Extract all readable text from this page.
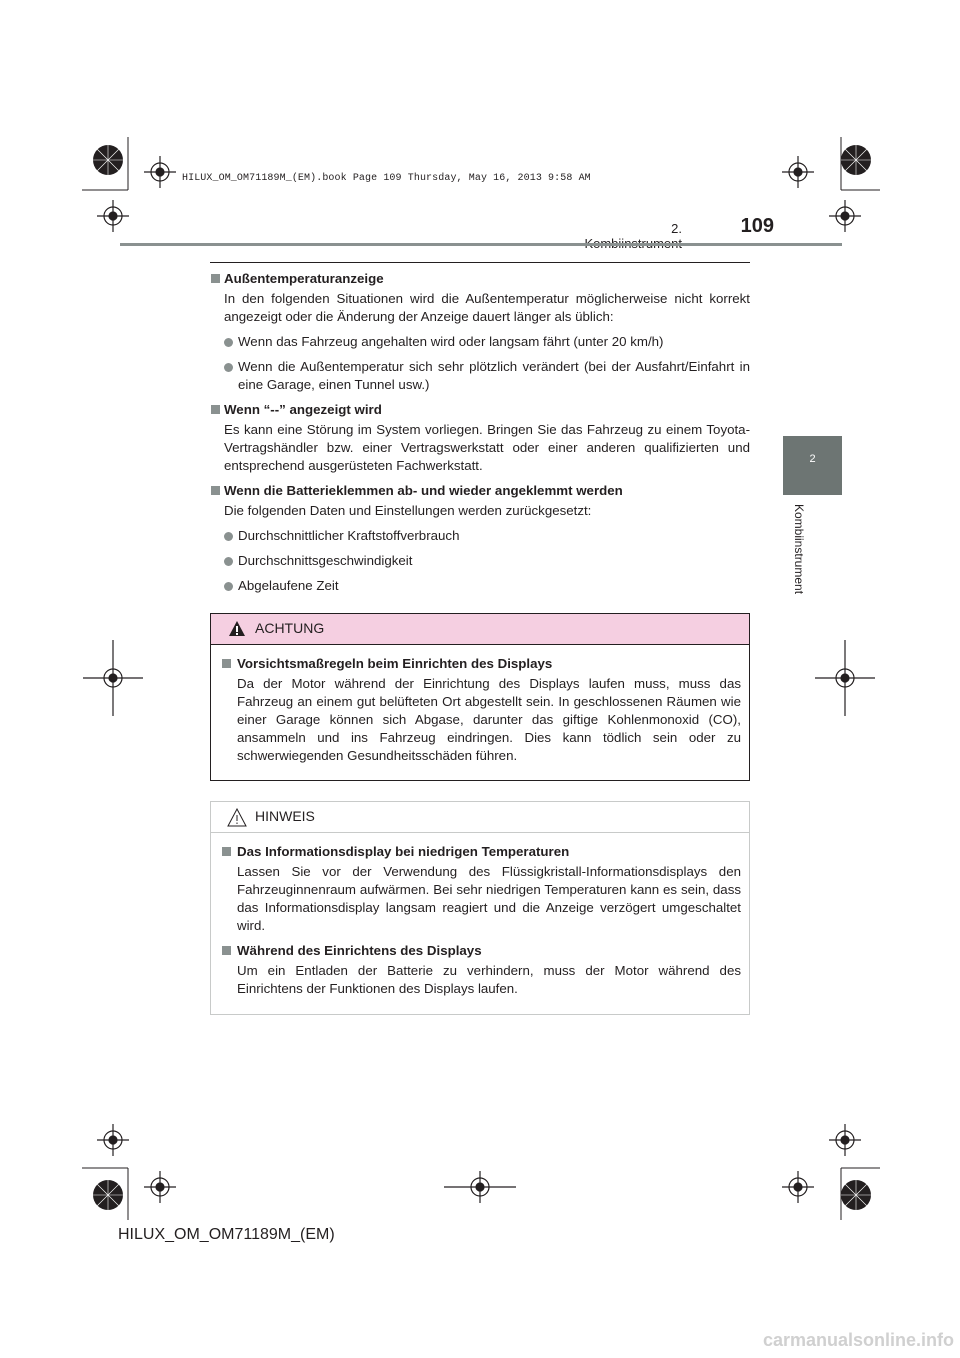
HILUX_OM_OM71189M_(EM).book Page 109 Thursday, May 16, 2013 9:58 AM
2.	109
2
Kombiinstrument
Außentemperaturanzeige
In den folgenden Situationen wird die Außentemperatur möglicherweise nicht korrekt angezeigt oder die Änderung der Anzeige dauert länger als üblich:
Wenn das Fahrzeug angehalten wird oder langsam fährt (unter 20 km/h)
Wenn die Außentemperatur sich sehr plötzlich verändert (bei der Ausfahrt/Einfahrt in eine Garage, einen Tunnel usw.)
Wenn “--” angezeigt wird
Es kann eine Störung im System vorliegen. Bringen Sie das Fahrzeug zu einem Toyota-Vertragshändler bzw. einer Vertragswerkstatt oder einer anderen qualifizierten und entsprechend ausgerüsteten Fachwerkstatt.
Wenn die Batterieklemmen ab- und wieder angeklemmt werden
Die folgenden Daten und Einstellungen werden zurückgesetzt:
Durchschnittlicher Kraftstoffverbrauch
Durchschnittsgeschwindigkeit
Abgelaufene Zeit
ACHTUNG
Vorsichtsmaßregeln beim Einrichten des Displays
Da der Motor während der Einrichtung des Displays laufen muss, muss das Fahrzeug an einem gut belüfteten Ort abgestellt sein. In geschlossenen Räumen wie einer Garage können sich Abgase, darunter das giftige Kohlenmonoxid (CO), ansammeln und ins Fahrzeug eindringen. Dies kann tödlich sein oder zu schwerwiegenden Gesundheitsschäden führen.
HINWEIS
Das Informationsdisplay bei niedrigen Temperaturen
Lassen Sie vor der Verwendung des Flüssigkristall-Informationsdisplays den Fahrzeuginnenraum aufwärmen. Bei sehr niedrigen Temperaturen kann es sein, dass das Informationsdisplay langsam reagiert und die Anzeige verzögert umgeschaltet wird.
Während des Einrichtens des Displays
Um ein Entladen der Batterie zu verhindern, muss der Motor während des Einrichtens der Funktionen des Displays laufen.
HILUX_OM_OM71189M_(EM)
carmanualsonline.info
